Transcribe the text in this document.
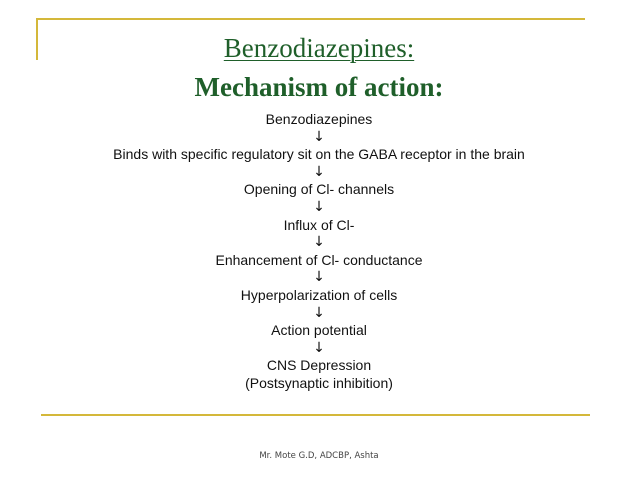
Benzodiazepines:
Mechanism of action:
Benzodiazepines
↓
Binds with specific regulatory sit on the GABA receptor in the brain
↓
Opening of Cl- channels
↓
Influx of Cl-
↓
Enhancement of Cl- conductance
↓
Hyperpolarization of cells
↓
Action potential
↓
CNS Depression
(Postsynaptic inhibition)
Mr. Mote G.D, ADCBP, Ashta
